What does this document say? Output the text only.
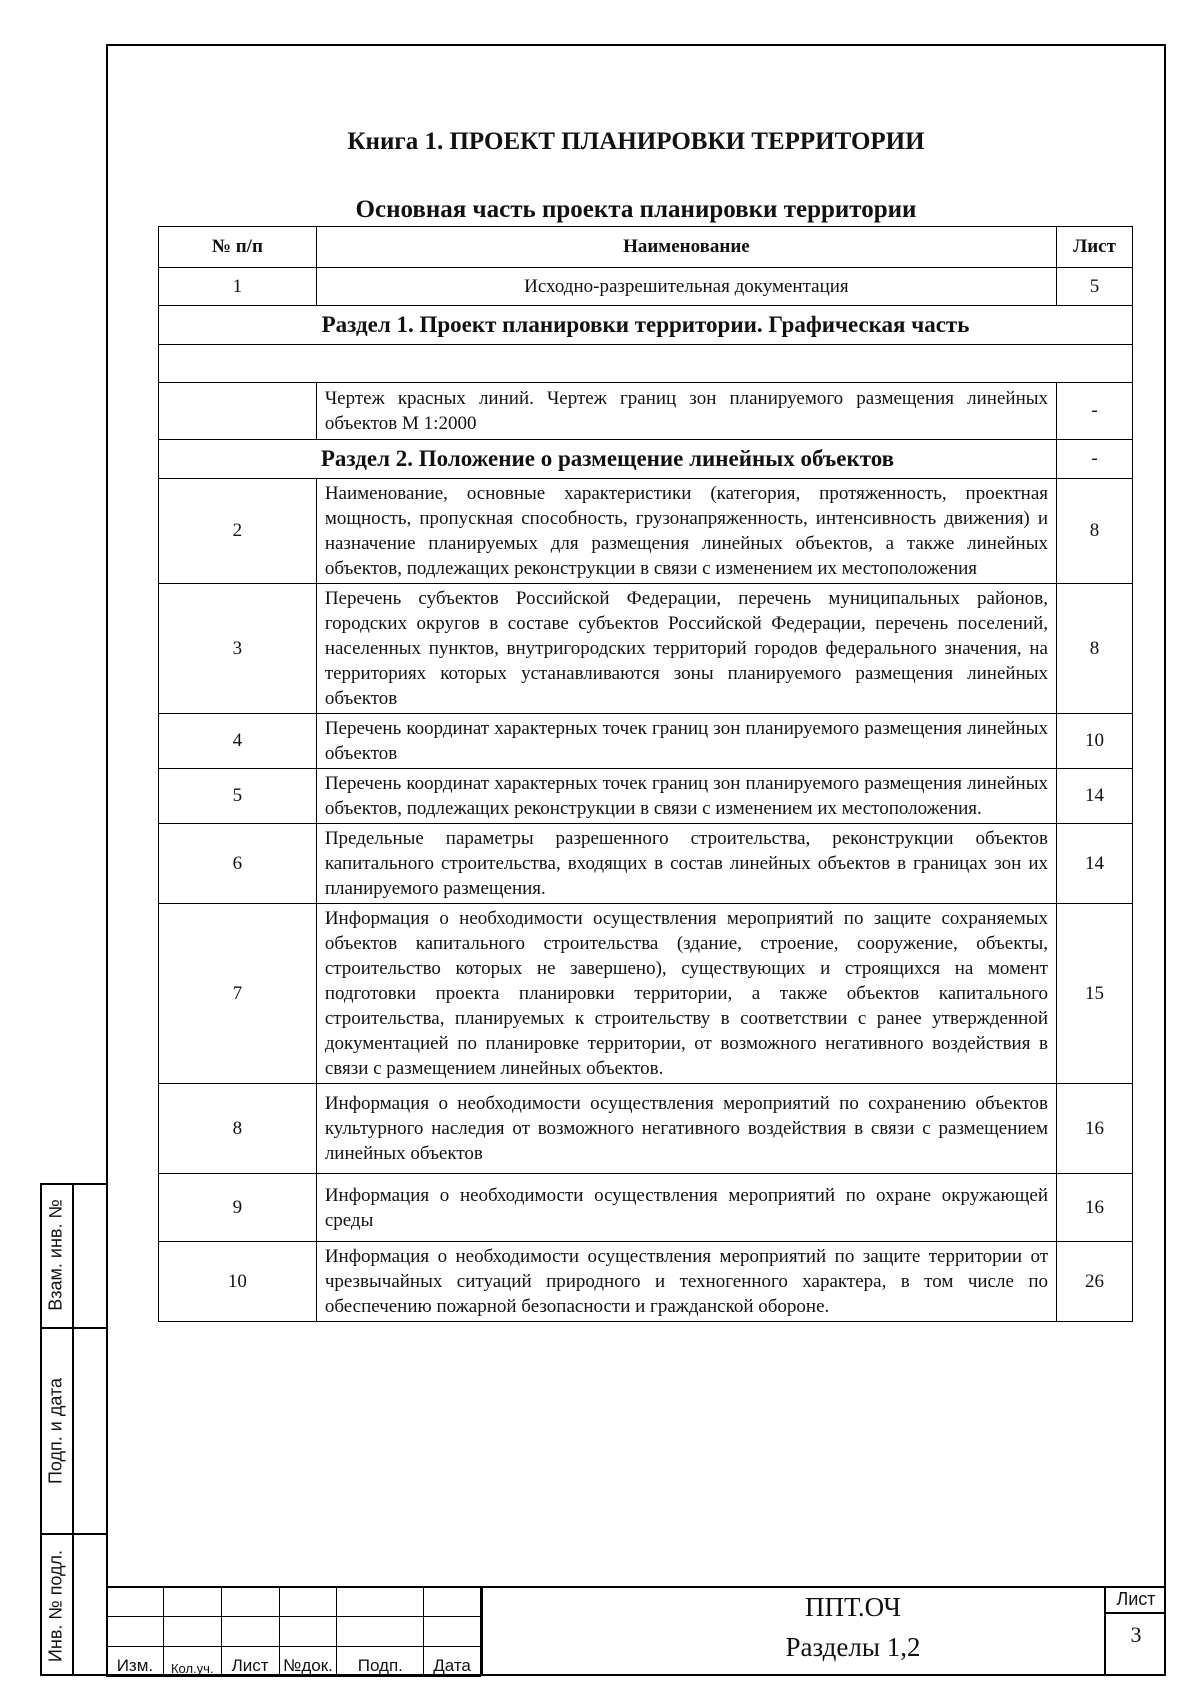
Книга 1. ПРОЕКТ ПЛАНИРОВКИ ТЕРРИТОРИИ
Основная часть проекта планировки территории
№ п/п	Наименование	Лист
1	Исходно-разрешительная документация	5
Раздел 1. Проект планировки территории. Графическая часть		

	Чертеж красных линий. Чертеж границ зон планируемого размещения линейных объектов М 1:2000	-
Раздел 2. Положение о размещение линейных объектов		-
2	Наименование, основные характеристики (категория, протяженность, проектная мощность, пропускная способность, грузонапряженность, интенсивность движения) и назначение планируемых для размещения линейных объектов, а также линейных объектов, подлежащих реконструкции в связи с изменением их местоположения	8
3	Перечень субъектов Российской Федерации, перечень муниципальных районов, городских округов в составе субъектов Российской Федерации, перечень поселений, населенных пунктов, внутригородских территорий городов федерального значения, на территориях которых устанавливаются зоны планируемого размещения линейных объектов	8
4	Перечень координат характерных точек границ зон планируемого размещения линейных объектов	10
5	Перечень координат характерных точек границ зон планируемого размещения линейных объектов, подлежащих реконструкции в связи с изменением их местоположения.	14
6	Предельные параметры разрешенного строительства, реконструкции объектов капитального строительства, входящих в состав линейных объектов в границах зон их планируемого размещения.	14
7	Информация о необходимости осуществления мероприятий по защите сохраняемых объектов капитального строительства (здание, строение, сооружение, объекты, строительство которых не завершено), существующих и строящихся на момент подготовки проекта планировки территории, а также объектов капитального строительства, планируемых к строительству в соответствии с ранее утвержденной документацией по планировке территории, от возможного негативного воздействия в связи с размещением линейных объектов.	15
8	Информация о необходимости осуществления мероприятий по сохранению объектов культурного наследия от возможного негативного воздействия в связи с размещением линейных объектов	16
9	Информация о необходимости осуществления мероприятий по охране окружающей среды	16
10	Информация о необходимости осуществления мероприятий по защите территории от чрезвычайных ситуаций природного и техногенного характера, в том числе по обеспечению пожарной безопасности и гражданской обороне.	26
Взам. инв. №
Подп. и дата
Инв. № подл.

Изм.	Кол.уч.	Лист	№док.	Подп.	Дата
ППТ.ОЧ
Разделы 1,2
Лист
3
